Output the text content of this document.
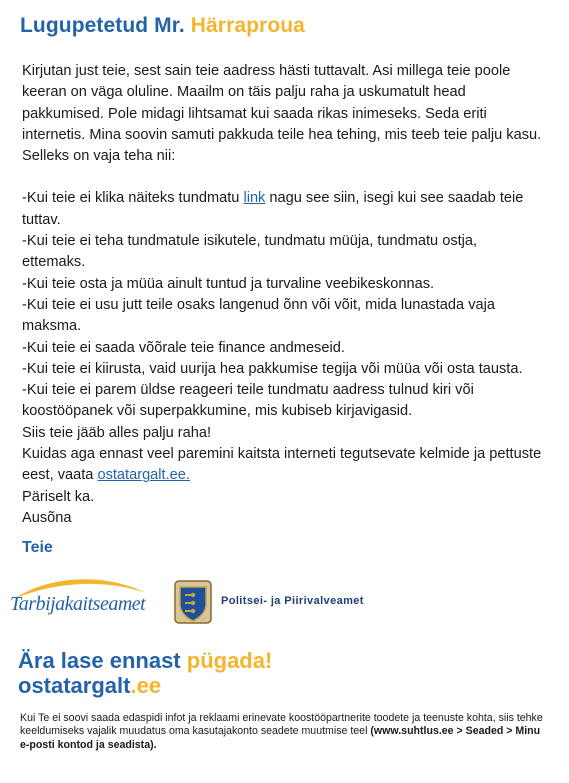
Lugupetetud Mr. Härraproua

Kirjutan just teie, sest sain teie aadress hästi tuttavalt. Asi millega teie poole keeran on väga oluline. Maailm on täis palju raha ja uskumatult head pakkumised. Pole midagi lihtsamat kui saada rikas inimeseks. Seda eriti internetis. Mina soovin samuti pakkuda teile hea tehing, mis teeb teie palju kasu. Selleks on vaja teha nii:

-Kui teie ei klika näiteks tundmatu link nagu see siin, isegi kui see saadab teie tuttav.

-Kui teie ei teha tundmatule isikutele, tundmatu müüja, tundmatu ostja, ettemaks.

-Kui teie osta ja müüa ainult tuntud ja turvaline veebikeskonnas.

-Kui teie ei usu jutt teile osaks langenud õnn või võit, mida lunastada vaja maksma.

-Kui teie ei saada võõrale teie finance andmeseid.

-Kui teie ei kiirusta, vaid uurija hea pakkumise tegija või müüa või osta tausta.

-Kui teie ei parem üldse reageeri teile tundmatu aadress tulnud kiri või koostööpanek või superpakkumine, mis kubiseb kirjavigasid.

Siis teie jääb alles palju raha!

Kuidas aga ennast veel paremini kaitsta interneti tegutsevate kelmide ja pettuste eest, vaata ostatargalt.ee.

Päriselt ka.

Ausõna

Teie
Tarbijakaitseamet	Politsei- ja Piirivalveamet
Ära lase ennast pügada!
ostatargalt.ee
Kui Te ei soovi saada edaspidi infot ja reklaami erinevate koostööpartnerite toodete ja teenuste kohta, siis tehke keeldumiseks vajalik muudatus oma kasutajakonto seadete muutmise teel (www.suhtlus.ee > Seaded > Minu e-posti kontod ja seadista).
